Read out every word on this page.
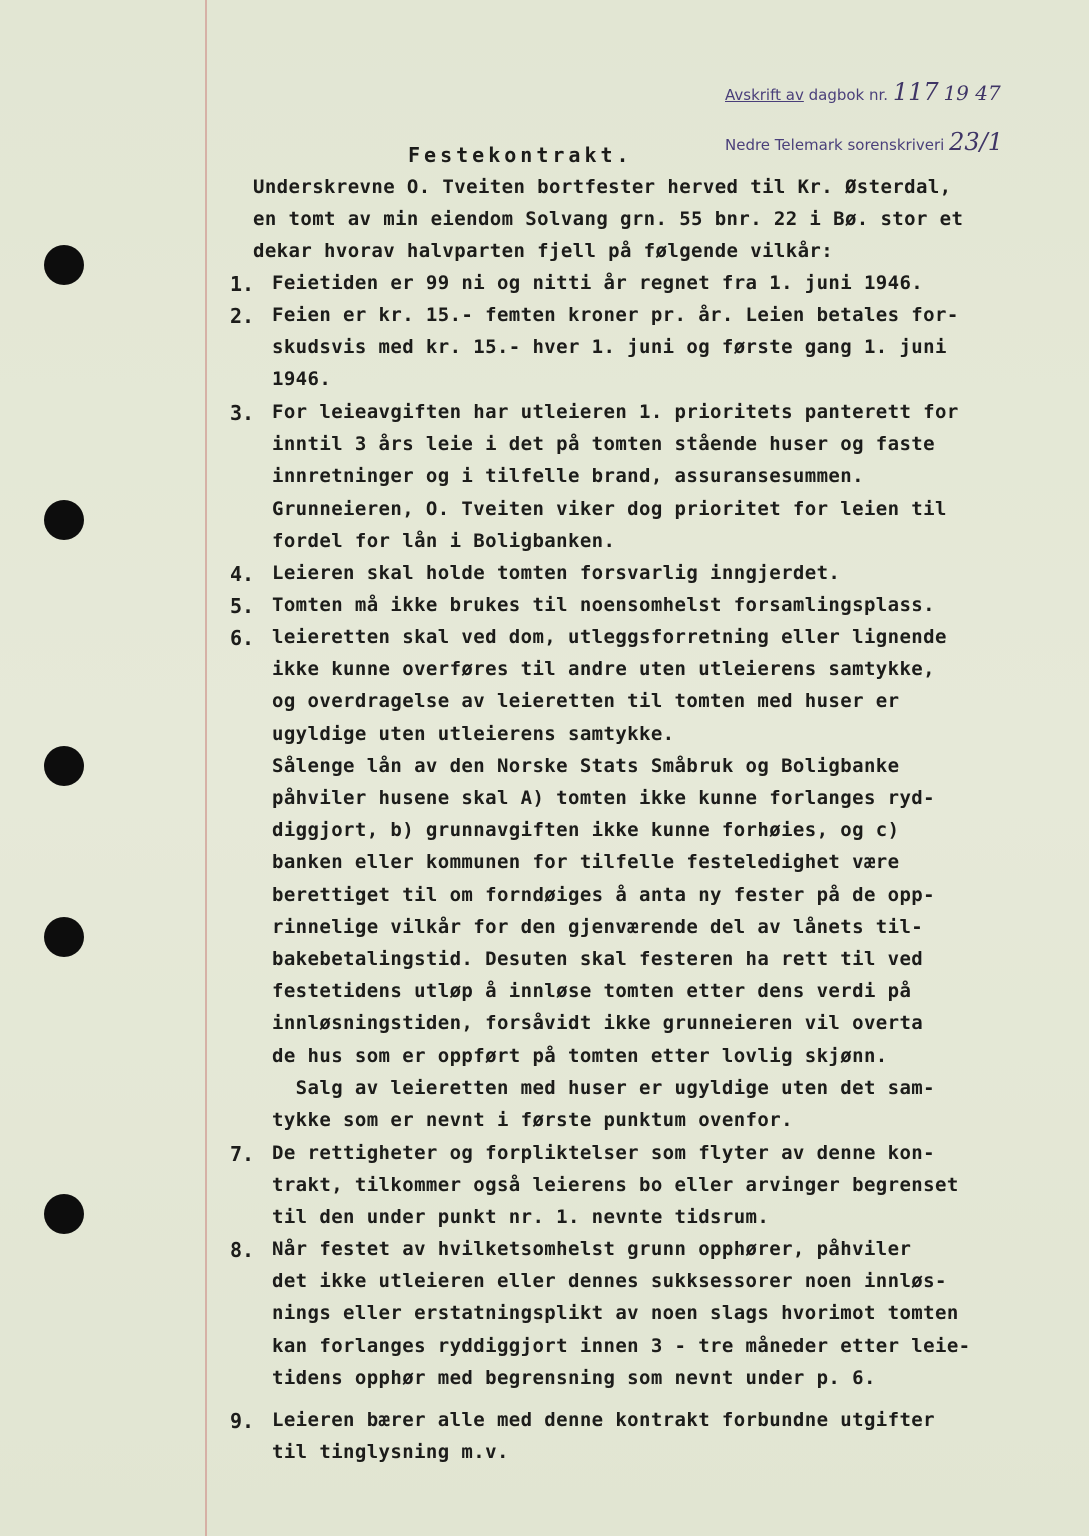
Avskrift av dagbok nr. 117 19 47
Nedre Telemark sorenskriveri 23/1
Festekontrakt.
Underskrevne O. Tveiten bortfester herved til Kr. Østerdal,
en tomt av min eiendom Solvang grn. 55 bnr. 22 i Bø. stor et
dekar hvorav halvparten fjell på følgende vilkår:
1. Feietiden er 99 ni og nitti år regnet fra 1. juni 1946.
2. Feien er kr. 15.- femten kroner pr. år. Leien betales for-
skudsvis med kr. 15.- hver 1. juni og første gang 1. juni
1946.
3. For leieavgiften har utleieren 1. prioritets panterett for
inntil 3 års leie i det på tomten stående huser og faste
innretninger og i tilfelle brand, assuransesummen.
Grunneieren, O. Tveiten viker dog prioritet for leien til
fordel for lån i Boligbanken.
4. Leieren skal holde tomten forsvarlig inngjerdet.
5. Tomten må ikke brukes til noensomhelst forsamlingsplass.
6. leieretten skal ved dom, utleggsforretning eller lignende
ikke kunne overføres til andre uten utleierens samtykke,
og overdragelse av leieretten til tomten med huser er
ugyldige uten utleierens samtykke.
Sålenge lån av den Norske Stats Småbruk og Boligbanke
påhviler husene skal A) tomten ikke kunne forlanges ryd-
diggjort, b) grunnavgiften ikke kunne forhøies, og c)
banken eller kommunen for tilfelle festeledighet være
berettiget til om forndøiges å anta ny fester på de opp-
rinnelige vilkår for den gjenværende del av lånets til-
bakebetalingstid. Desuten skal festeren ha rett til ved
festetidens utløp å innløse tomten etter dens verdi på
innløsningstiden, forsåvidt ikke grunneieren vil overta
de hus som er oppført på tomten etter lovlig skjønn.
Salg av leieretten med huser er ugyldige uten det sam-
tykke som er nevnt i første punktum ovenfor.
7. De rettigheter og forpliktelser som flyter av denne kon-
trakt, tilkommer også leierens bo eller arvinger begrenset
til den under punkt nr. 1. nevnte tidsrum.
8. Når festet av hvilketsomhelst grunn opphører, påhviler
det ikke utleieren eller dennes sukksessorer noen innløs-
nings eller erstatningsplikt av noen slags hvorimot tomten
kan forlanges ryddiggjort innen 3 - tre måneder etter leie-
tidens opphør med begrensning som nevnt under p. 6.
9. Leieren bærer alle med denne kontrakt forbundne utgifter
til tinglysning m.v.
